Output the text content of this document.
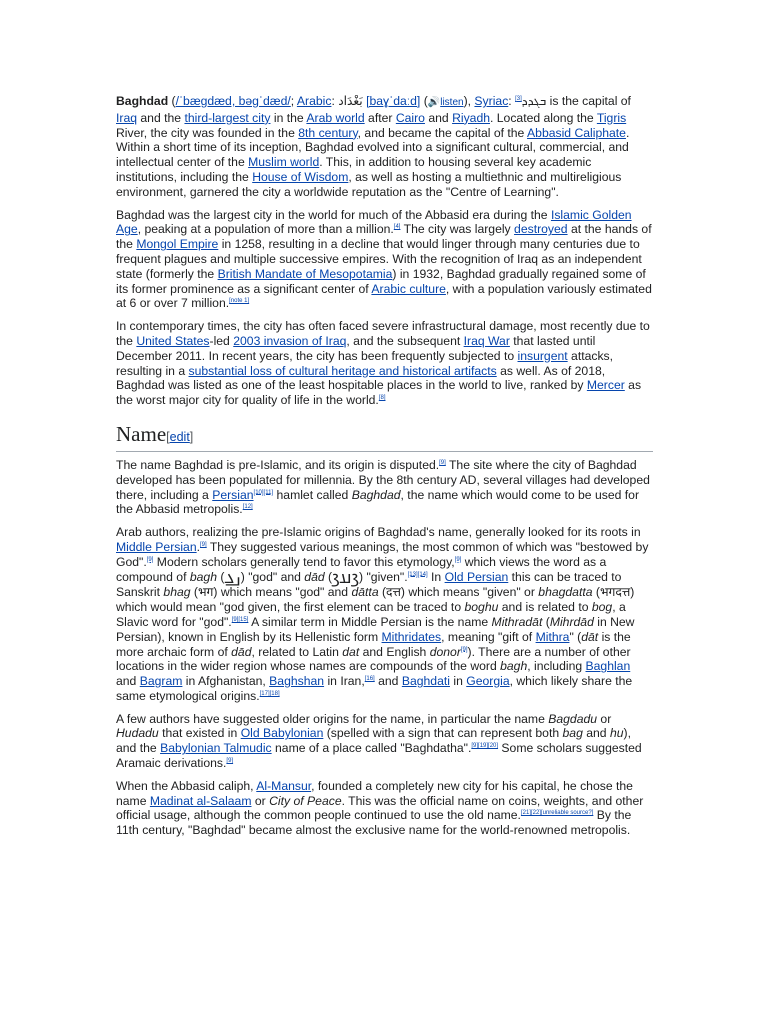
Baghdad (/ˈbæɡdæd, bəɡˈdæd/; Arabic: بَغْدَاد [baɣˈdaːd] (🔊listen), Syriac: ܒܓܕܕ[3] is the capital of Iraq and the third-largest city in the Arab world after Cairo and Riyadh. Located along the Tigris River, the city was founded in the 8th century, and became the capital of the Abbasid Caliphate. Within a short time of its inception, Baghdad evolved into a significant cultural, commercial, and intellectual center of the Muslim world. This, in addition to housing several key academic institutions, including the House of Wisdom, as well as hosting a multiethnic and multireligious environment, garnered the city a worldwide reputation as the "Centre of Learning".

Baghdad was the largest city in the world for much of the Abbasid era during the Islamic Golden Age, peaking at a population of more than a million.[4] The city was largely destroyed at the hands of the Mongol Empire in 1258, resulting in a decline that would linger through many centuries due to frequent plagues and multiple successive empires. With the recognition of Iraq as an independent state (formerly the British Mandate of Mesopotamia) in 1932, Baghdad gradually regained some of its former prominence as a significant center of Arabic culture, with a population variously estimated at 6 or over 7 million.[note 1]

In contemporary times, the city has often faced severe infrastructural damage, most recently due to the United States-led 2003 invasion of Iraq, and the subsequent Iraq War that lasted until December 2011. In recent years, the city has been frequently subjected to insurgent attacks, resulting in a substantial loss of cultural heritage and historical artifacts as well. As of 2018, Baghdad was listed as one of the least hospitable places in the world to live, ranked by Mercer as the worst major city for quality of life in the world.[8]

Name[edit]

The name Baghdad is pre-Islamic, and its origin is disputed.[9] The site where the city of Baghdad developed has been populated for millennia. By the 8th century AD, several villages had developed there, including a Persian[10][11] hamlet called Baghdad, the name which would come to be used for the Abbasid metropolis.[12]

Arab authors, realizing the pre-Islamic origins of Baghdad's name, generally looked for its roots in Middle Persian.[9] They suggested various meanings, the most common of which was "bestowed by God".[9] Modern scholars generally tend to favor this etymology,[9] which views the word as a compound of bagh (𐭡𐭢) "god" and dād (𐭣𐭠𐭣) "given".[13][14] In Old Persian this can be traced to Sanskrit bhag (भग) which means "god" and dātta (दत्त) which means "given" or bhagdatta (भगदत्त) which would mean "god given, the first element can be traced to boghu and is related to bog, a Slavic word for "god".[9][15] A similar term in Middle Persian is the name Mithradāt (Mihrdād in New Persian), known in English by its Hellenistic form Mithridates, meaning "gift of Mithra" (dāt is the more archaic form of dād, related to Latin dat and English donor[9]). There are a number of other locations in the wider region whose names are compounds of the word bagh, including Baghlan and Bagram in Afghanistan, Baghshan in Iran,[16] and Baghdati in Georgia, which likely share the same etymological origins.[17][18]

A few authors have suggested older origins for the name, in particular the name Bagdadu or Hudadu that existed in Old Babylonian (spelled with a sign that can represent both bag and hu), and the Babylonian Talmudic name of a place called "Baghdatha".[9][19][20] Some scholars suggested Aramaic derivations.[9]

When the Abbasid caliph, Al-Mansur, founded a completely new city for his capital, he chose the name Madinat al-Salaam or City of Peace. This was the official name on coins, weights, and other official usage, although the common people continued to use the old name.[21][22][unreliable source?] By the 11th century, "Baghdad" became almost the exclusive name for the world-renowned metropolis.
